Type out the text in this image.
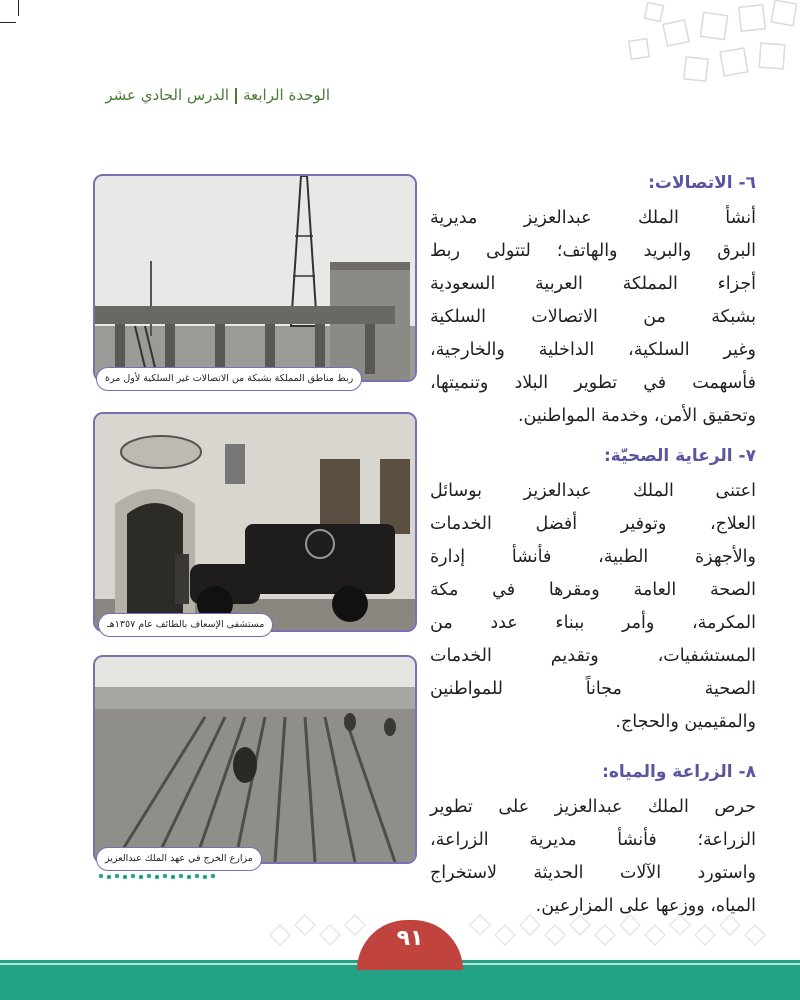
الوحدة الرابعةالدرس الحادي عشر
٦- الاتصالات:

أنشأ الملك عبدالعزيز مديرية

البرق والبريد والهاتف؛ لتتولى ربط

أجزاء المملكة العربية السعودية

بشبكة من الاتصالات السلكية

وغير السلكية، الداخلية والخارجية،

فأسهمت في تطوير البلاد وتنميتها،

وتحقيق الأمن، وخدمة المواطنين.

٧- الرعاية الصحيّة:

اعتنى الملك عبدالعزيز بوسائل

العلاج، وتوفير أفضل الخدمات

والأجهزة الطبية، فأنشأ إدارة

الصحة العامة ومقرها في مكة

المكرمة، وأمر ببناء عدد من

المستشفيات، وتقديم الخدمات

الصحية مجاناً للمواطنين

والمقيمين والحجاج.

٨- الزراعة والمياه:

حرص الملك عبدالعزيز على تطوير

الزراعة؛ فأنشأ مديرية الزراعة،

واستورد الآلات الحديثة لاستخراج

المياه، ووزعها على المزارعين.

ربط مناطق المملكة بشبكة من الاتصالات غير السلكية لأول مرة
مستشفى الإسعاف بالطائف عام ١٣٥٧هـ
مزارع الخرج في عهد الملك عبدالعزيز
٩١
